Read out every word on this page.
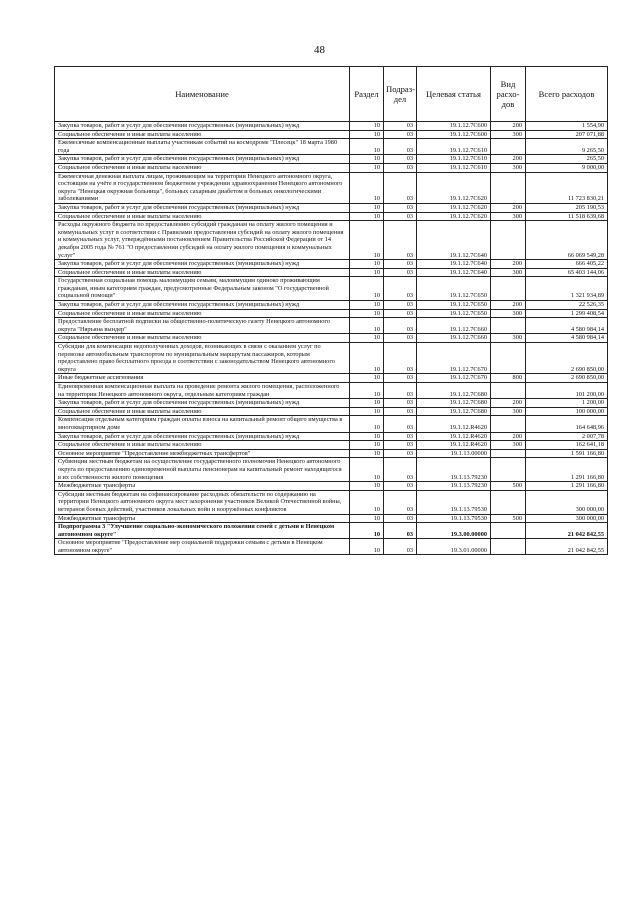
48
Наименование	Раздел	Подраз-дел	Целевая статья	Вид расхо-дов	Всего расходов
Закупка товаров, работ и услуг для обеспечения государственных (муниципальных) нужд	10	03	19.1.12.7С600	200	1 554,90
Социальное обеспечение и иные выплаты населению	10	03	19.1.12.7С600	300	207 071,88
Ежемесячные компенсационные выплаты участникам событий на космодроме "Плесецк" 18 марта 1980 года	10	03	19.1.12.7С610		9 265,50
Закупка товаров, работ и услуг для обеспечения государственных (муниципальных) нужд	10	03	19.1.12.7С610	200	265,50
Социальное обеспечение и иные выплаты населению	10	03	19.1.12.7С610	300	9 000,00
Ежемесячная денежная выплата лицам, проживающим на территории Ненецкого автономного округа, состоящим на учёте в государственном бюджетном учреждении здравоохранения Ненецкого автономного округа "Ненецкая окружная больница", больных сахарным диабетом и больных онкологическими заболеваниями	10	03	19.1.12.7С620		11 723 830,21
Закупка товаров, работ и услуг для обеспечения государственных (муниципальных) нужд	10	03	19.1.12.7С620	200	205 190,53
Социальное обеспечение и иные выплаты населению	10	03	19.1.12.7С620	300	11 518 639,68
Расходы окружного бюджета по предоставлению субсидий гражданам на оплату жилого помещения и коммунальных услуг в соответствии с Правилами предоставления субсидий на оплату жилого помещения и коммунальных услуг, утверждёнными постановлением Правительства Российской Федерации от 14 декабря 2005 года № 761 "О предоставлении субсидий на оплату жилого помещения и коммунальных услуг"	10	03	19.1.12.7С640		66 069 549,28
Закупка товаров, работ и услуг для обеспечения государственных (муниципальных) нужд	10	03	19.1.12.7С640	200	666 405,22
Социальное обеспечение и иные выплаты населению	10	03	19.1.12.7С640	300	65 403 144,06
Государственная социальная помощь малоимущим семьям, малоимущим одиноко проживающим гражданам, иным категориям граждан, предусмотренные Федеральным законом "О государственной социальной помощи"	10	03	19.1.12.7С650		1 321 934,89
Закупка товаров, работ и услуг для обеспечения государственных (муниципальных) нужд	10	03	19.1.12.7С650	200	22 526,35
Социальное обеспечение и иные выплаты населению	10	03	19.1.12.7С650	300	1 299 408,54
Предоставление бесплатной подписки на общественно-политическую газету Ненецкого автономного округа "Няръяна вындер"	10	03	19.1.12.7С660		4 580 984,14
Социальное обеспечение и иные выплаты населению	10	03	19.1.12.7С660	300	4 580 984,14
Субсидии для компенсации недополученных доходов, возникающих в связи с оказанием услуг по перевозке автомобильным транспортом по муниципальным маршрутам пассажиров, которым предоставлено право бесплатного проезда в соответствии с законодательством Ненецкого автономного округа	10	03	19.1.12.7С670		2 690 850,00
Иные бюджетные ассигнования	10	03	19.1.12.7С670	800	2 690 850,00
Единовременная компенсационная выплата на проведение ремонта жилого помещения, расположенного на территории Ненецкого автономного округа, отдельным категориям граждан	10	03	19.1.12.7С680		101 200,00
Закупка товаров, работ и услуг для обеспечения государственных (муниципальных) нужд	10	03	19.1.12.7С680	200	1 200,00
Социальное обеспечение и иные выплаты населению	10	03	19.1.12.7С680	300	100 000,00
Компенсация отдельным категориям граждан оплаты взноса на капитальный ремонт общего имущества в многоквартирном доме	10	03	19.1.12.R4620		164 648,96
Закупка товаров, работ и услуг для обеспечения государственных (муниципальных) нужд	10	03	19.1.12.R4620	200	2 007,78
Социальное обеспечение и иные выплаты населению	10	03	19.1.12.R4620	300	162 641,18
Основное мероприятие "Предоставление межбюджетных трансфертов"	10	03	19.1.13.00000		1 591 166,80
Субвенции местным бюджетам на осуществление государственного полномочия Ненецкого автономного округа по предоставлению единовременной выплаты пенсионерам на капитальный ремонт находящегося в их собственности жилого помещения	10	03	19.1.13.79230		1 291 166,80
Межбюджетные трансферты	10	03	19.1.13.79230	500	1 291 166,80
Субсидии местным бюджетам на софинансирование расходных обязательств по содержанию на территории Ненецкого автономного округа мест захоронения участников Великой Отечественной войны, ветеранов боевых действий, участников локальных войн и вооружённых конфликтов	10	03	19.1.13.79530		300 000,00
Межбюджетные трансферты	10	03	19.1.13.79530	500	300 000,00
Подпрограмма 3 "Улучшение социально-экономического положения семей с детьми в Ненецком автономном округе"	10	03	19.3.00.00000		21 042 842,55
Основное мероприятие "Предоставление мер социальной поддержки семьям с детьми в Ненецком автономном округе"	10	03	19.3.01.00000		21 042 842,55
